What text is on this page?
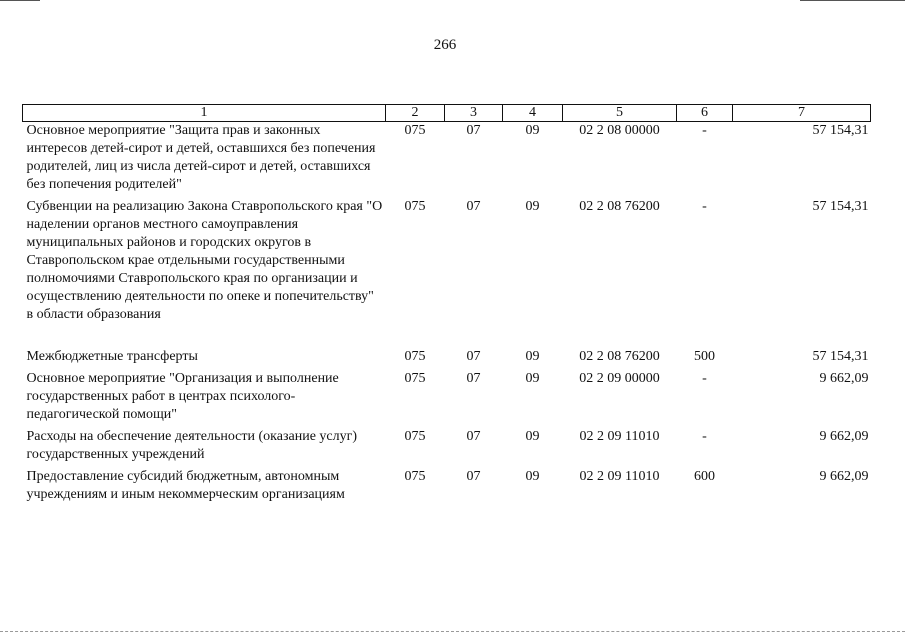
266
1	2	3	4	5	6	7
Основное мероприятие "Защита прав и законных интересов детей-сирот и детей, оставшихся без попечения родителей, лиц из числа детей-сирот и детей, оставшихся без попечения родителей"	075	07	09	02 2 08 00000	-	57 154,31
Субвенции на реализацию Закона Ставропольского края "О наделении органов местного самоуправления муниципальных районов и городских округов в Ставропольском крае отдельными государственными полномочиями Ставропольского края по организации и осуществлению деятельности по опеке и попечительству" в области образования	075	07	09	02 2 08 76200	-	57 154,31
Межбюджетные трансферты	075	07	09	02 2 08 76200	500	57 154,31
Основное мероприятие "Организация и выполнение государственных работ в центрах психолого-педагогической помощи"	075	07	09	02 2 09 00000	-	9 662,09
Расходы на обеспечение деятельности (оказание услуг) государственных учреждений	075	07	09	02 2 09 11010	-	9 662,09
Предоставление субсидий бюджетным, автономным учреждениям и иным некоммерческим организациям	075	07	09	02 2 09 11010	600	9 662,09
